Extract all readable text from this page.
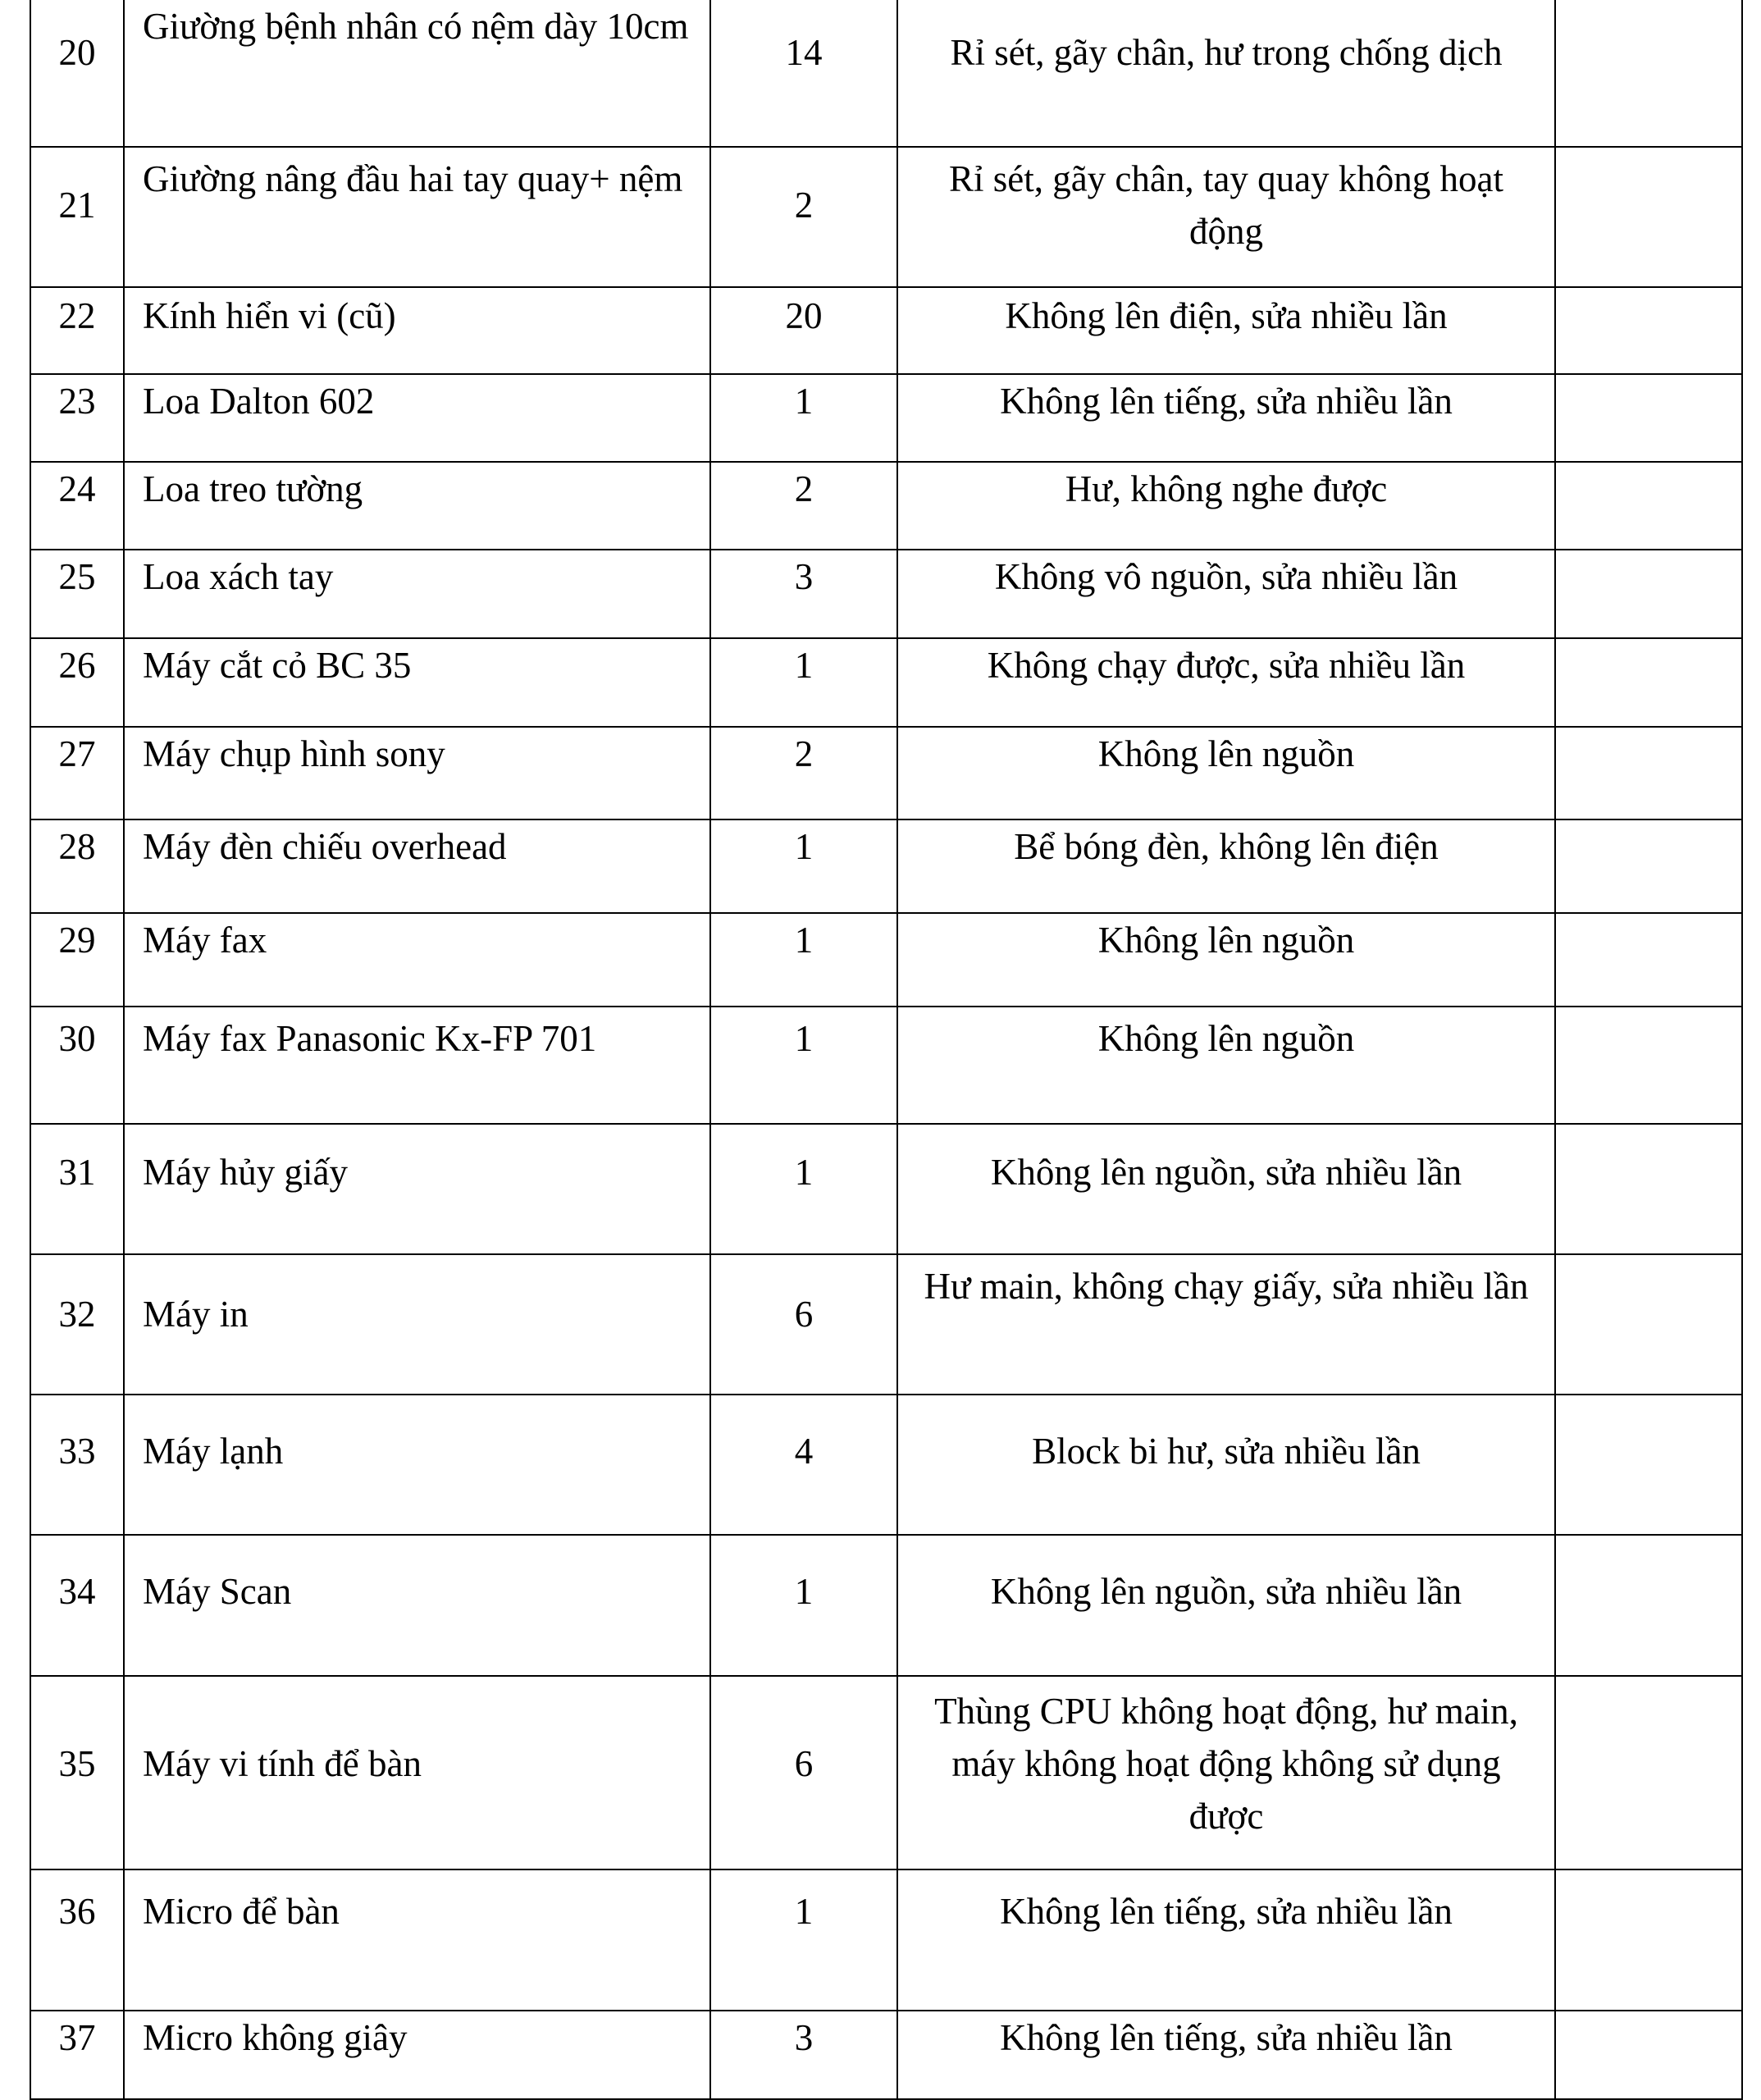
20	Giường bệnh nhân có nệm dày 10cm	14	Rỉ sét, gãy chân, hư trong chống dịch	

21	Giường nâng đầu hai tay quay+ nệm	2	Rỉ sét, gãy chân, tay quay không hoạt động	

22	Kính hiển vi (cũ)	20	Không lên điện, sửa nhiều lần	

23	Loa Dalton 602	1	Không lên tiếng, sửa nhiều lần	

24	Loa treo tường	2	Hư, không nghe được	

25	Loa xách tay	3	Không vô nguồn, sửa nhiều lần	

26	Máy cắt cỏ BC 35	1	Không chạy được, sửa nhiều lần	

27	Máy chụp hình sony	2	Không lên nguồn	

28	Máy đèn chiếu overhead	1	Bể bóng đèn, không lên điện	

29	Máy fax	1	Không lên nguồn	

30	Máy fax Panasonic Kx-FP 701	1	Không lên nguồn	

31	Máy hủy giấy	1	Không lên nguồn, sửa nhiều lần	

32	Máy in	6	Hư main, không chạy giấy, sửa nhiều lần	

33	Máy lạnh	4	Block bi hư, sửa nhiều lần	

34	Máy Scan	1	Không lên nguồn, sửa nhiều lần	

35	Máy vi tính để bàn	6	Thùng CPU không hoạt động, hư main, máy không hoạt động không sử dụng được	

36	Micro để bàn	1	Không lên tiếng, sửa nhiều lần	

37	Micro không giây	3	Không lên tiếng, sửa nhiều lần	
